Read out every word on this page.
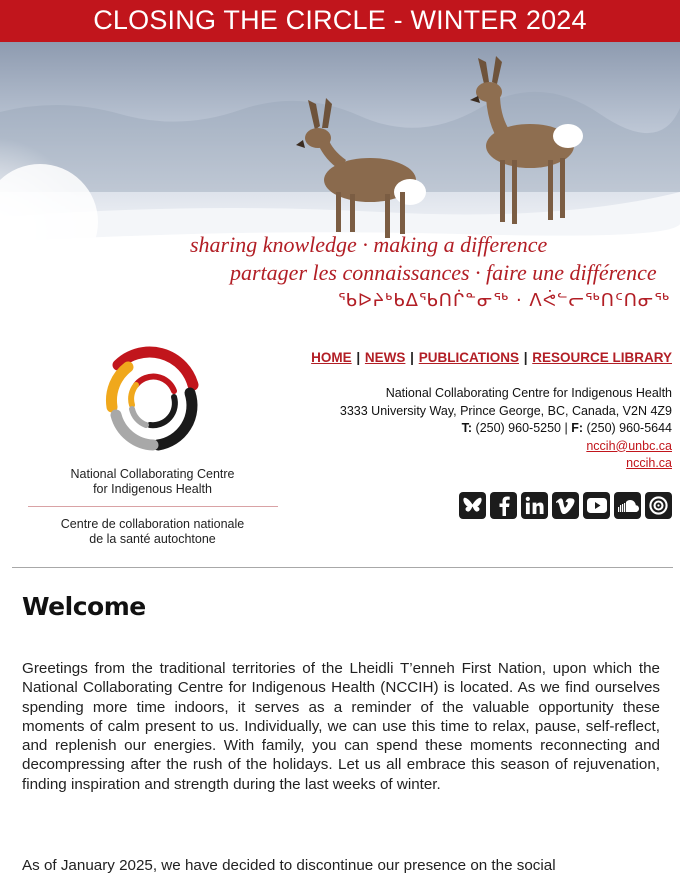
CLOSING THE CIRCLE - WINTER 2024
sharing knowledge · making a difference
partager les connaissances · faire une différence
ᖃᐅᔨᒃᑲᐃᖃᑎᒌᓐᓂᖅ · ᐱᕚᓪᓕᖅᑎᑦᑎᓂᖅ
National Collaborating Centre
for Indigenous Health
Centre de collaboration nationale
de la santé autochtone
HOME | NEWS | PUBLICATIONS | RESOURCE LIBRARY
National Collaborating Centre for Indigenous Health
3333 University Way, Prince George, BC, Canada, V2N 4Z9
T: (250) 960-5250 | F: (250) 960-5644
nccih@unbc.ca
nccih.ca
Welcome

Greetings from the traditional territories of the Lheidli T’enneh First Nation, upon which the National Collaborating Centre for Indigenous Health (NCCIH) is located. As we find ourselves spending more time indoors, it serves as a reminder of the valuable opportunity these moments of calm present to us. Individually, we can use this time to relax, pause, self-reflect, and replenish our energies. With family, you can spend these moments reconnecting and decompressing after the rush of the holidays. Let us all embrace this season of rejuvenation, finding inspiration and strength during the last weeks of winter.

As of January 2025, we have decided to discontinue our presence on the social
